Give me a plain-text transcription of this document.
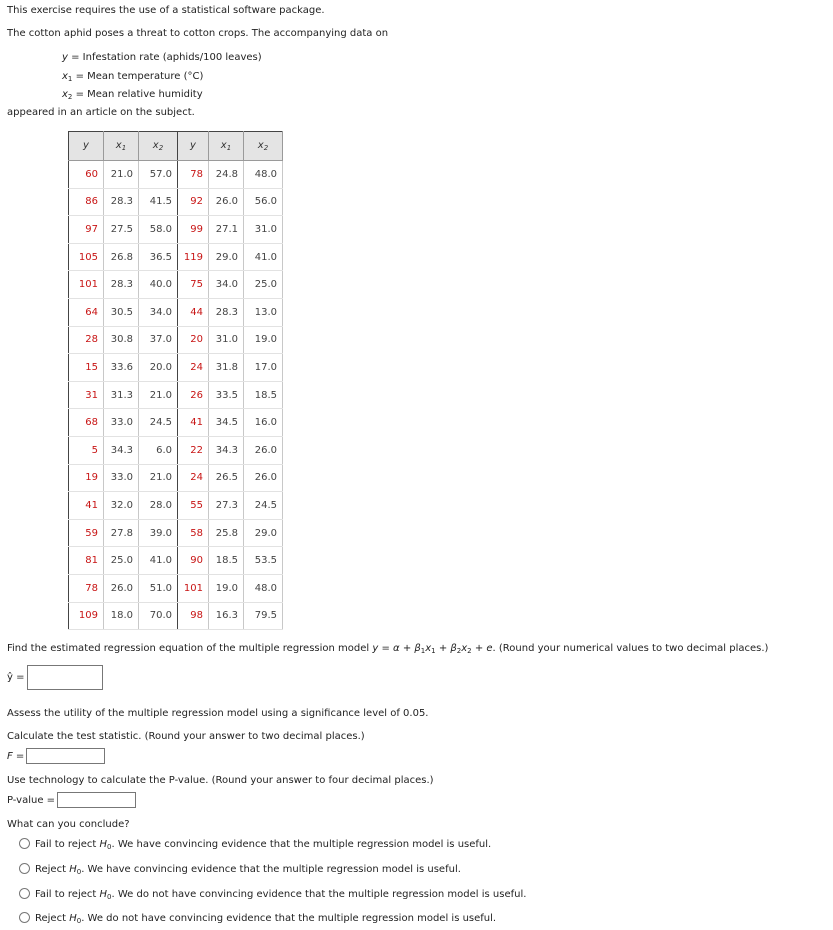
This exercise requires the use of a statistical software package.
The cotton aphid poses a threat to cotton crops. The accompanying data on
y = Infestation rate (aphids/100 leaves)
$x_1$ = Mean temperature (°C)
$x_2$ = Mean relative humidity
appeared in an article on the subject.
y	$x_1$	$x_2$	y	$x_1$	$x_2$
60	21.0	57.0	78	24.8	48.0
86	28.3	41.5	92	26.0	56.0
97	27.5	58.0	99	27.1	31.0
105	26.8	36.5	119	29.0	41.0
101	28.3	40.0	75	34.0	25.0
64	30.5	34.0	44	28.3	13.0
28	30.8	37.0	20	31.0	19.0
15	33.6	20.0	24	31.8	17.0
31	31.3	21.0	26	33.5	18.5
68	33.0	24.5	41	34.5	16.0
5	34.3	6.0	22	34.3	26.0
19	33.0	21.0	24	26.5	26.0
41	32.0	28.0	55	27.3	24.5
59	27.8	39.0	58	25.8	29.0
81	25.0	41.0	90	18.5	53.5
78	26.0	51.0	101	19.0	48.0
109	18.0	70.0	98	16.3	79.5
Find the estimated regression equation of the multiple regression model $y = \alpha + \beta_1x_1 + \beta_2x_2 + e$. (Round your numerical values to two decimal places.)
ŷ =
Assess the utility of the multiple regression model using a significance level of 0.05.
Calculate the test statistic. (Round your answer to two decimal places.)
F =
Use technology to calculate the P-value. (Round your answer to four decimal places.)
P-value =
What can you conclude?
Fail to reject $H_0$. We have convincing evidence that the multiple regression model is useful.
Reject $H_0$. We have convincing evidence that the multiple regression model is useful.
Fail to reject $H_0$. We do not have convincing evidence that the multiple regression model is useful.
Reject $H_0$. We do not have convincing evidence that the multiple regression model is useful.
